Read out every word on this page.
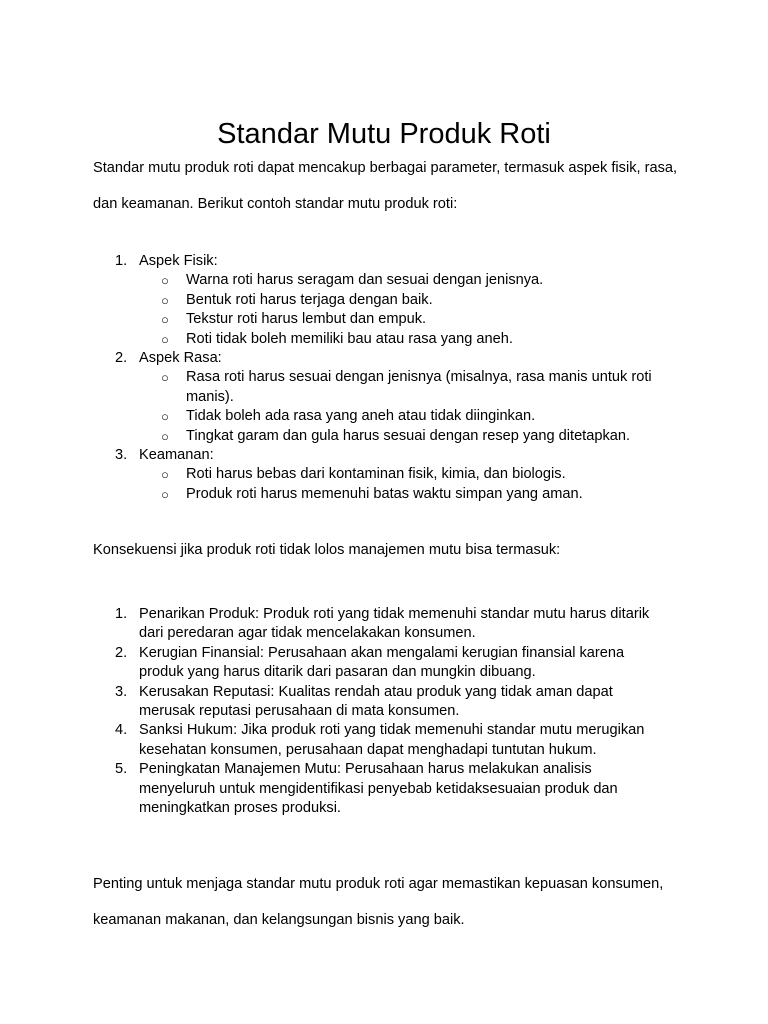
Standar Mutu Produk Roti
Standar mutu produk roti dapat mencakup berbagai parameter, termasuk aspek fisik, rasa, dan keamanan. Berikut contoh standar mutu produk roti:
1. Aspek Fisik:
○ Warna roti harus seragam dan sesuai dengan jenisnya.
○ Bentuk roti harus terjaga dengan baik.
○ Tekstur roti harus lembut dan empuk.
○ Roti tidak boleh memiliki bau atau rasa yang aneh.
2. Aspek Rasa:
○ Rasa roti harus sesuai dengan jenisnya (misalnya, rasa manis untuk roti manis).
○ Tidak boleh ada rasa yang aneh atau tidak diinginkan.
○ Tingkat garam dan gula harus sesuai dengan resep yang ditetapkan.
3. Keamanan:
○ Roti harus bebas dari kontaminan fisik, kimia, dan biologis.
○ Produk roti harus memenuhi batas waktu simpan yang aman.
Konsekuensi jika produk roti tidak lolos manajemen mutu bisa termasuk:
1. Penarikan Produk: Produk roti yang tidak memenuhi standar mutu harus ditarik dari peredaran agar tidak mencelakakan konsumen.
2. Kerugian Finansial: Perusahaan akan mengalami kerugian finansial karena produk yang harus ditarik dari pasaran dan mungkin dibuang.
3. Kerusakan Reputasi: Kualitas rendah atau produk yang tidak aman dapat merusak reputasi perusahaan di mata konsumen.
4. Sanksi Hukum: Jika produk roti yang tidak memenuhi standar mutu merugikan kesehatan konsumen, perusahaan dapat menghadapi tuntutan hukum.
5. Peningkatan Manajemen Mutu: Perusahaan harus melakukan analisis menyeluruh untuk mengidentifikasi penyebab ketidaksesuaian produk dan meningkatkan proses produksi.
Penting untuk menjaga standar mutu produk roti agar memastikan kepuasan konsumen, keamanan makanan, dan kelangsungan bisnis yang baik.
